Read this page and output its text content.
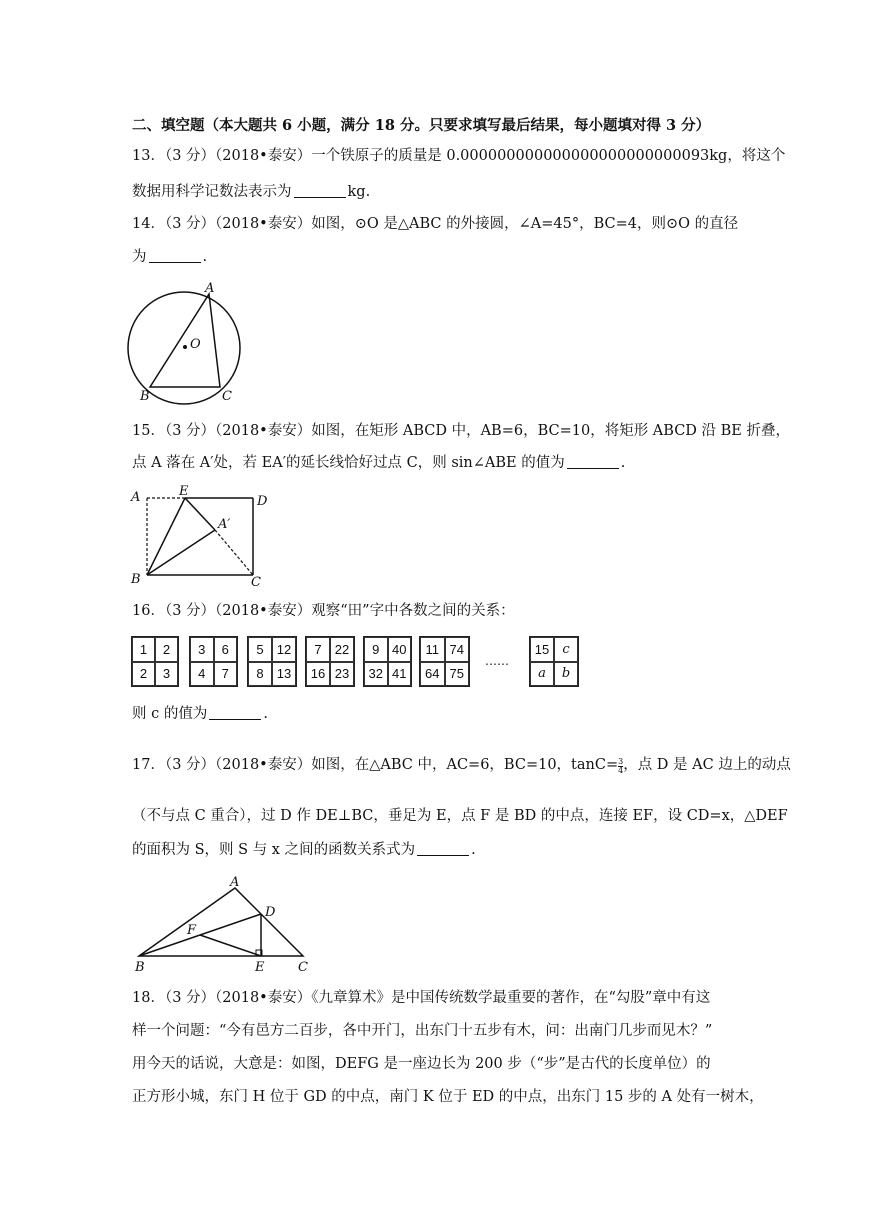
二、填空题（本大题共 6 小题，满分 18 分。只要求填写最后结果，每小题填对得 3 分）
13．（3 分）（2018•泰安）一个铁原子的质量是 0.000000000000000000000000093kg，将这个
数据用科学记数法表示为	kg.
14．（3 分）（2018•泰安）如图，⊙O 是△ABC 的外接圆，∠A=45°，BC=4，则⊙O 的直径
为	.
A
B	C
O
15．（3 分）（2018•泰安）如图，在矩形 ABCD 中，AB=6，BC=10，将矩形 ABCD 沿 BE 折叠，
点 A 落在 A′处，若 EA′的延长线恰好过点 C，则 sin∠ABE 的值为	.
A	E
D
A′
B	C
16．（3 分）（2018•泰安）观察“田”字中各数之间的关系：
1	2
2	3
3	6
4	7
5	12
8	13
7	22
16 23
9 40
32 41
11 74
64 75
……
15	c
a	b
则 c 的值为	.
17．（3 分）（2018•泰安）如图，在△ABC 中，AC=6，BC=10，$\tan C= \frac{3}{4}$ ，点 D 是 AC 边上的动点
（不与点 C 重合），过 D 作 DE⊥BC，垂足为 E，点 F 是 BD 的中点，连接 EF，设 CD=x，△DEF
的面积为 S，则 S 与 x 之间的函数关系式为	.
A
D
F
B	E	C
18．（3 分）（2018•泰安）《九章算术》是中国传统数学最重要的著作，在“勾股”章中有这
样一个问题：“今有邑方二百步，各中开门，出东门十五步有木，问：出南门几步而见木？”
用今天的话说，大意是：如图，DEFG 是一座边长为 200 步（“步”是古代的长度单位）的
正方形小城，东门 H 位于 GD 的中点，南门 K 位于 ED 的中点，出东门 15 步的 A 处有一树木，
